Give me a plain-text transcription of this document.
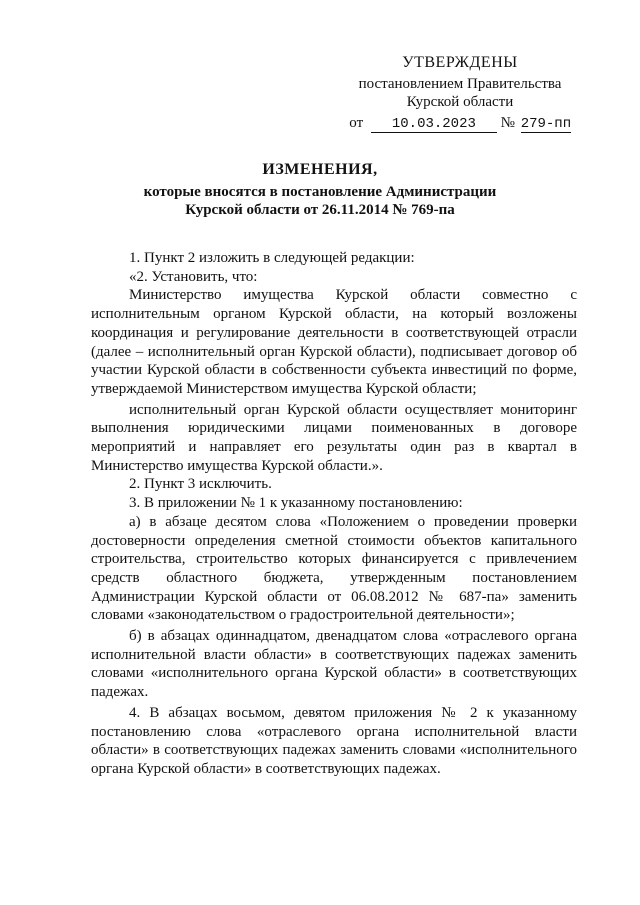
УТВЕРЖДЕНЫ
постановлением Правительства
Курской области
от 10.03.2023 № 279-пп
ИЗМЕНЕНИЯ,
которые вносятся в постановление Администрации
Курской области от 26.11.2014 № 769-па

1. Пункт 2 изложить в следующей редакции:

«2. Установить, что:

Министерство имущества Курской области совместно с исполнительным органом Курской области, на который возложены координация и регулирование деятельности в соответствующей отрасли (далее – исполнительный орган Курской области), подписывает договор об участии Курской области в собственности субъекта инвестиций по форме, утверждаемой Министерством имущества Курской области;

исполнительный орган Курской области осуществляет мониторинг выполнения юридическими лицами поименованных в договоре мероприятий и направляет его результаты один раз в квартал в Министерство имущества Курской области.».

2. Пункт 3 исключить.

3. В приложении № 1 к указанному постановлению:

а) в абзаце десятом слова «Положением о проведении проверки достоверности определения сметной стоимости объектов капитального строительства, строительство которых финансируется с привлечением средств областного бюджета, утвержденным постановлением Администрации Курской области от 06.08.2012 № 687-па» заменить словами «законодательством о градостроительной деятельности»;

б) в абзацах одиннадцатом, двенадцатом слова «отраслевого органа исполнительной власти области» в соответствующих падежах заменить словами «исполнительного органа Курской области» в соответствующих падежах.

4. В абзацах восьмом, девятом приложения № 2 к указанному постановлению слова «отраслевого органа исполнительной власти области» в соответствующих падежах заменить словами «исполнительного органа Курской области» в соответствующих падежах.
